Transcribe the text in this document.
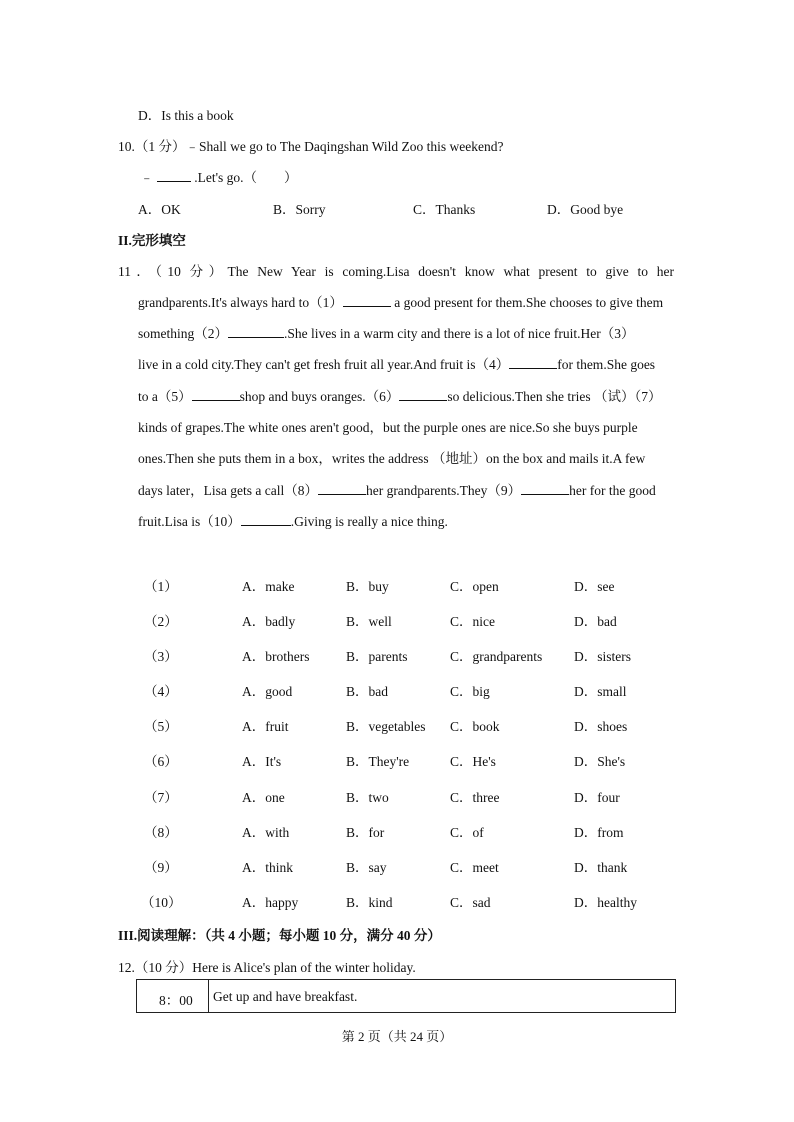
D．Is this a book
10.（1 分）﹣Shall we go to The Daqingshan Wild Zoo this weekend?
﹣	.Let's go.（　　）
A．OK	B．Sorry	C．Thanks	D．Good bye
II.完形填空
11．（10 分）The New Year is coming.Lisa doesn't know what present to give to her
grandparents.It's always hard to（1）	a good present for them.She chooses to give them
something（2）	.She lives in a warm city and there is a lot of nice fruit.Her（3）
live in a cold city.They can't get fresh fruit all year.And fruit is（4）	for them.She goes
to a（5）	shop and buys oranges.（6）	so delicious.Then she tries （试）（7）
kinds of grapes.The white ones aren't good，but the purple ones are nice.So she buys purple
ones.Then she puts them in a box，writes the address （地址）on the box and mails it.A few
days later，Lisa gets a call（8）	her grandparents.They（9）	her for the good
fruit.Lisa is（10）	.Giving is really a nice thing.
（1）	A．make	B．buy	C．open	D．see
（2）	A．badly	B．well	C．nice	D．bad
（3）	A．brothers	B．parents	C．grandparents D．sisters
（4）	A．good	B．bad	C．big	D．small
（5）	A．fruit	B．vegetables C．book	D．shoes
（6）	A．It's	B．They're	C．He's	D．She's
（7）	A．one	B．two	C．three	D．four
（8）	A．with	B．for	C．of	D．from
（9）	A．think	B．say	C．meet	D．thank
（10）	A．happy	B．kind	C．sad	D．healthy
III.阅读理解：（共 4 小题；每小题 10 分，满分 40 分）
12.（10 分）Here is Alice's plan of the winter holiday.
8：00 Get up and have breakfast.
第 2 页（共 24 页）
